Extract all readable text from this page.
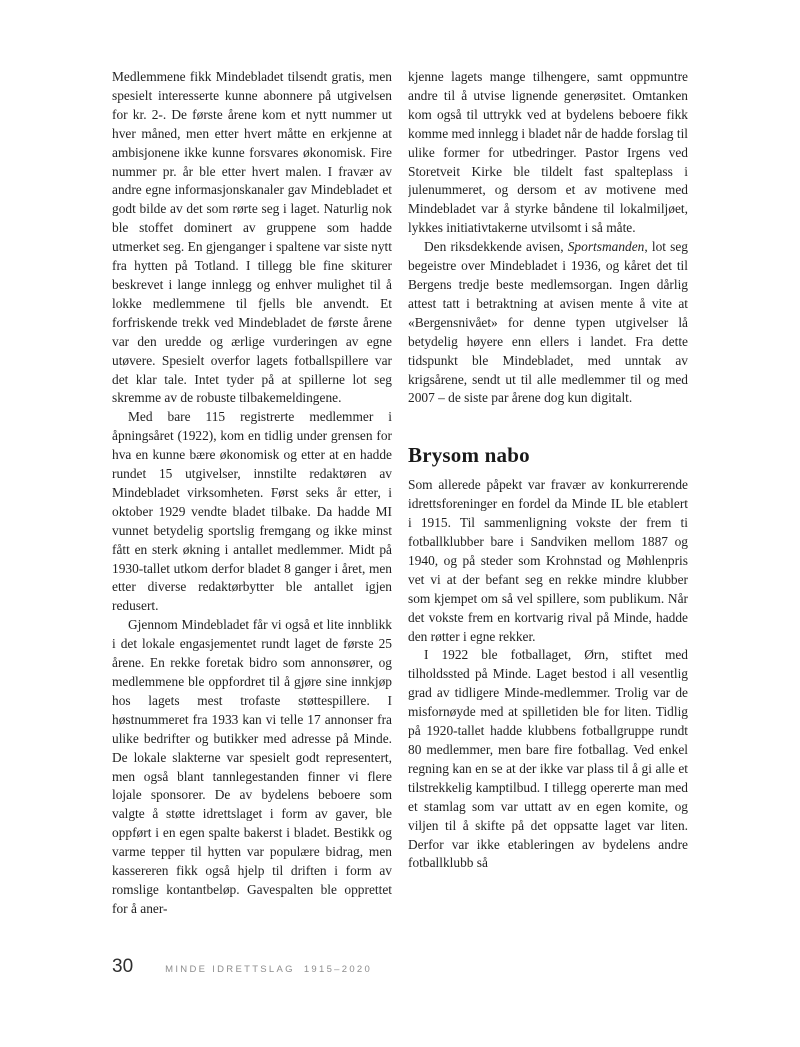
Medlemmene fikk Mindebladet tilsendt gratis, men spesielt interesserte kunne abonnere på utgivelsen for kr. 2-. De første årene kom et nytt nummer ut hver måned, men etter hvert måtte en erkjenne at ambisjonene ikke kunne forsvares økonomisk. Fire nummer pr. år ble etter hvert malen. I fravær av andre egne informasjonskanaler gav Mindebladet et godt bilde av det som rørte seg i laget. Naturlig nok ble stoffet dominert av gruppene som hadde utmerket seg. En gjenganger i spaltene var siste nytt fra hytten på Totland. I tillegg ble fine skiturer beskrevet i lange innlegg og enhver mulighet til å lokke medlemmene til fjells ble anvendt. Et forfriskende trekk ved Mindebladet de første årene var den uredde og ærlige vurderingen av egne utøvere. Spesielt overfor lagets fotballspillere var det klar tale. Intet tyder på at spillerne lot seg skremme av de robuste tilbakemeldingene.

Med bare 115 registrerte medlemmer i åpningsåret (1922), kom en tidlig under grensen for hva en kunne bære økonomisk og etter at en hadde rundet 15 utgivelser, innstilte redaktøren av Mindebladet virksomheten. Først seks år etter, i oktober 1929 vendte bladet tilbake. Da hadde MI vunnet betydelig sportslig fremgang og ikke minst fått en sterk økning i antallet medlemmer. Midt på 1930-tallet utkom derfor bladet 8 ganger i året, men etter diverse redaktørbytter ble antallet igjen redusert.

Gjennom Mindebladet får vi også et lite innblikk i det lokale engasjementet rundt laget de første 25 årene. En rekke foretak bidro som annonsører, og medlemmene ble oppfordret til å gjøre sine innkjøp hos lagets mest trofaste støttespillere. I høstnummeret fra 1933 kan vi telle 17 annonser fra ulike bedrifter og butikker med adresse på Minde. De lokale slakterne var spesielt godt representert, men også blant tannlegestanden finner vi flere lojale sponsorer. De av bydelens beboere som valgte å støtte idrettslaget i form av gaver, ble oppført i en egen spalte bakerst i bladet. Bestikk og varme tepper til hytten var populære bidrag, men kassereren fikk også hjelp til driften i form av romslige kontantbeløp. Gavespalten ble opprettet for å aner-

kjenne lagets mange tilhengere, samt oppmuntre andre til å utvise lignende generøsitet. Omtanken kom også til uttrykk ved at bydelens beboere fikk komme med innlegg i bladet når de hadde forslag til ulike former for utbedringer. Pastor Irgens ved Storetveit Kirke ble tildelt fast spalteplass i julenummeret, og dersom et av motivene med Mindebladet var å styrke båndene til lokalmiljøet, lykkes initiativtakerne utvilsomt i så måte.

Den riksdekkende avisen, Sportsmanden, lot seg begeistre over Mindebladet i 1936, og kåret det til Bergens tredje beste medlemsorgan. Ingen dårlig attest tatt i betraktning at avisen mente å vite at «Bergensnivået» for denne typen utgivelser lå betydelig høyere enn ellers i landet. Fra dette tidspunkt ble Mindebladet, med unntak av krigsårene, sendt ut til alle medlemmer til og med 2007 – de siste par årene dog kun digitalt.

Brysom nabo

Som allerede påpekt var fravær av konkurrerende idrettsforeninger en fordel da Minde IL ble etablert i 1915. Til sammenligning vokste der frem ti fotballklubber bare i Sandviken mellom 1887 og 1940, og på steder som Krohnstad og Møhlenpris vet vi at der befant seg en rekke mindre klubber som kjempet om så vel spillere, som publikum. Når det vokste frem en kortvarig rival på Minde, hadde den røtter i egne rekker.

I 1922 ble fotballaget, Ørn, stiftet med tilholdssted på Minde. Laget bestod i all vesentlig grad av tidligere Minde-medlemmer. Trolig var de misfornøyde med at spilletiden ble for liten. Tidlig på 1920-tallet hadde klubbens fotballgruppe rundt 80 medlemmer, men bare fire fotballag. Ved enkel regning kan en se at der ikke var plass til å gi alle et tilstrekkelig kamptilbud. I tillegg opererte man med et stamlag som var uttatt av en egen komite, og viljen til å skifte på det oppsatte laget var liten. Derfor var ikke etableringen av bydelens andre fotballklubb så

30	MINDE IDRETTSLAG 1915–2020
